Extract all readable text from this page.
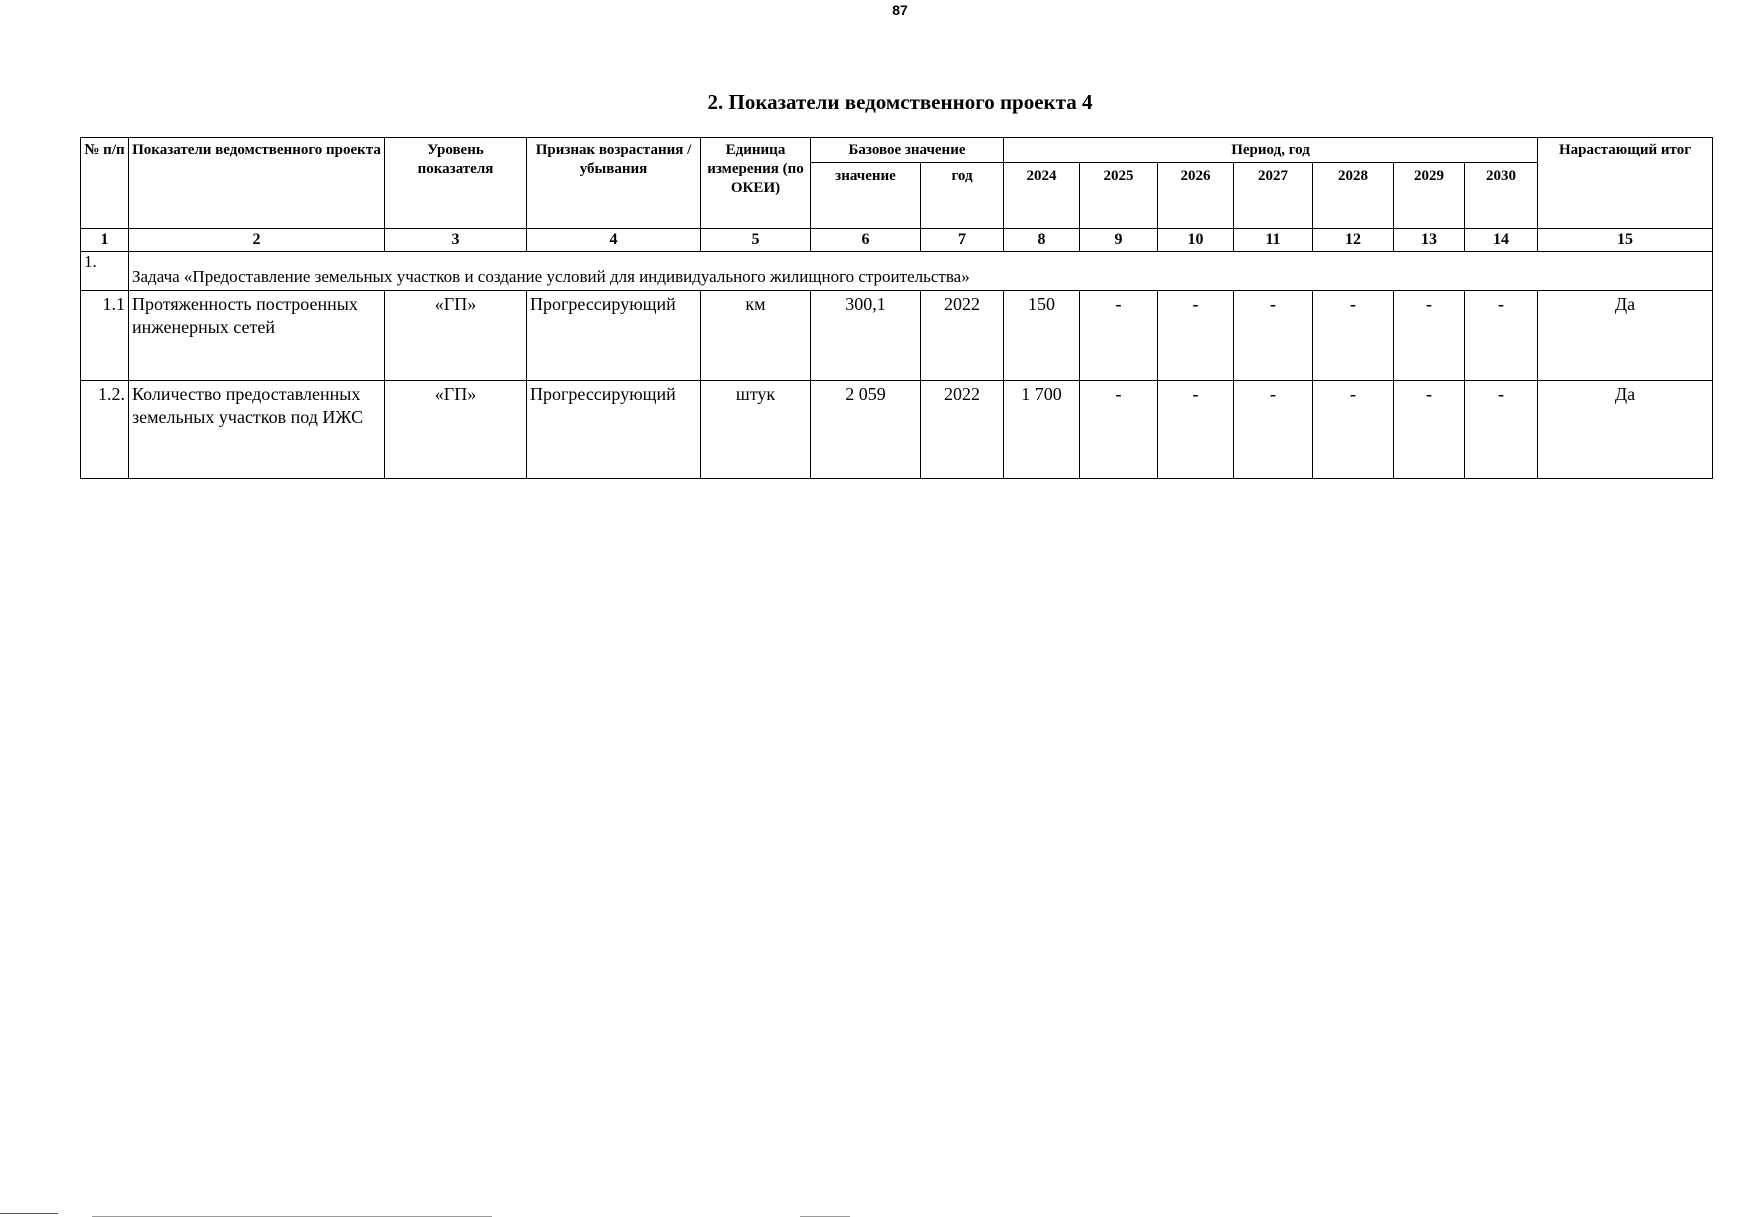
87
2. Показатели ведомственного проекта 4
№ п/п	Показатели ведомственного проекта	Уровень показателя	Признак возрастания / убывания	Единица измерения (по ОКЕИ)	Базовое значение		Период, год							Нарастающий итог
					значение	год	2024	2025	2026	2027	2028	2029	2030	
1	2	3	4	5	6	7	8	9	10	11	12	13	14	15
1.	Задача «Предоставление земельных участков и создание условий для индивидуального жилищного строительства»													
1.1	Протяженность построенных инженерных сетей	«ГП»	Прогрессирующий	км	300,1	2022	150	-	-	-	-	-	-	Да
1.2.	Количество предоставленных земельных участков под ИЖС	«ГП»	Прогрессирующий	штук	2 059	2022	1 700	-	-	-	-	-	-	Да
